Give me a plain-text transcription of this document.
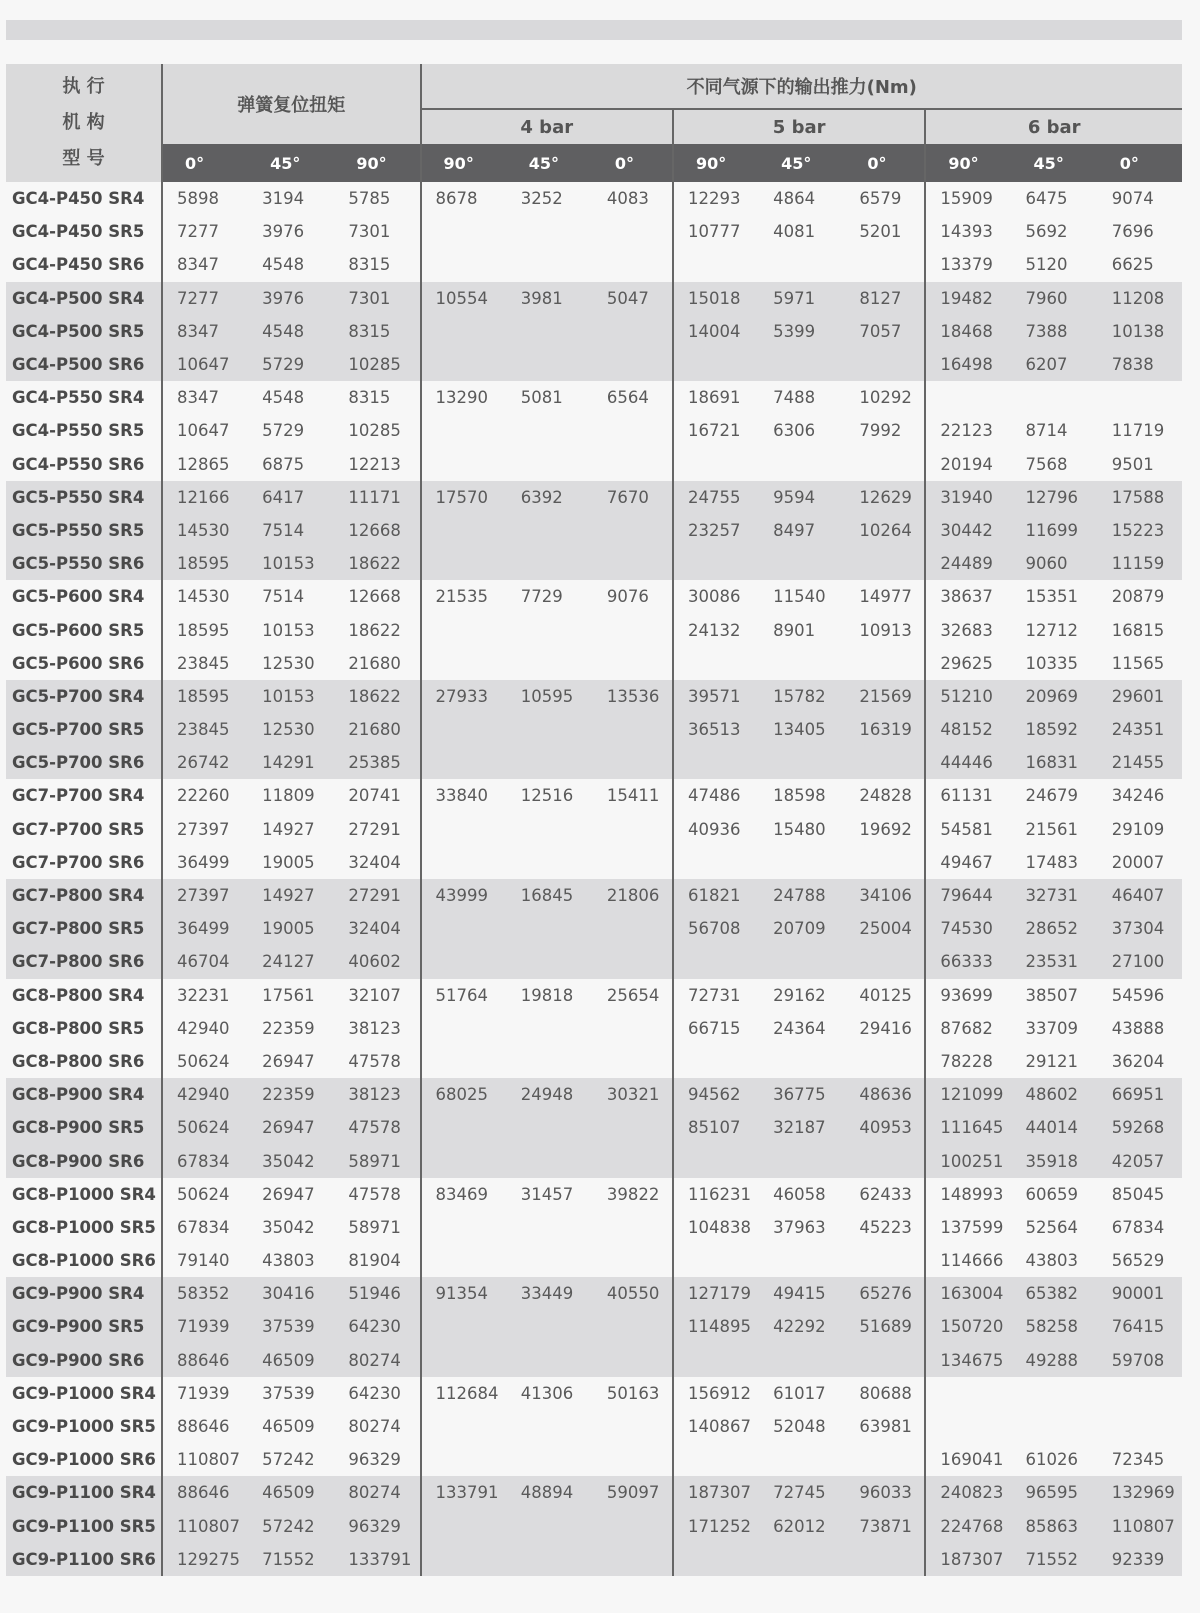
执 行
机 构
型 号	弹簧复位扭矩			不同气源下的输出推力(Nm)								
				4 bar			5 bar			6 bar		
	0°	45°	90°	90°	45°	0°	90°	45°	0°	90°	45°	0°
GC4-P450 SR4	5898	3194	5785	8678	3252	4083	12293	4864	6579	15909	6475	9074
GC4-P450 SR5	7277	3976	7301				10777	4081	5201	14393	5692	7696
GC4-P450 SR6	8347	4548	8315							13379	5120	6625
GC4-P500 SR4	7277	3976	7301	10554	3981	5047	15018	5971	8127	19482	7960	11208
GC4-P500 SR5	8347	4548	8315				14004	5399	7057	18468	7388	10138
GC4-P500 SR6	10647	5729	10285							16498	6207	7838
GC4-P550 SR4	8347	4548	8315	13290	5081	6564	18691	7488	10292			
GC4-P550 SR5	10647	5729	10285				16721	6306	7992	22123	8714	11719
GC4-P550 SR6	12865	6875	12213							20194	7568	9501
GC5-P550 SR4	12166	6417	11171	17570	6392	7670	24755	9594	12629	31940	12796	17588
GC5-P550 SR5	14530	7514	12668				23257	8497	10264	30442	11699	15223
GC5-P550 SR6	18595	10153	18622							24489	9060	11159
GC5-P600 SR4	14530	7514	12668	21535	7729	9076	30086	11540	14977	38637	15351	20879
GC5-P600 SR5	18595	10153	18622				24132	8901	10913	32683	12712	16815
GC5-P600 SR6	23845	12530	21680							29625	10335	11565
GC5-P700 SR4	18595	10153	18622	27933	10595	13536	39571	15782	21569	51210	20969	29601
GC5-P700 SR5	23845	12530	21680				36513	13405	16319	48152	18592	24351
GC5-P700 SR6	26742	14291	25385							44446	16831	21455
GC7-P700 SR4	22260	11809	20741	33840	12516	15411	47486	18598	24828	61131	24679	34246
GC7-P700 SR5	27397	14927	27291				40936	15480	19692	54581	21561	29109
GC7-P700 SR6	36499	19005	32404							49467	17483	20007
GC7-P800 SR4	27397	14927	27291	43999	16845	21806	61821	24788	34106	79644	32731	46407
GC7-P800 SR5	36499	19005	32404				56708	20709	25004	74530	28652	37304
GC7-P800 SR6	46704	24127	40602							66333	23531	27100
GC8-P800 SR4	32231	17561	32107	51764	19818	25654	72731	29162	40125	93699	38507	54596
GC8-P800 SR5	42940	22359	38123				66715	24364	29416	87682	33709	43888
GC8-P800 SR6	50624	26947	47578							78228	29121	36204
GC8-P900 SR4	42940	22359	38123	68025	24948	30321	94562	36775	48636	121099	48602	66951
GC8-P900 SR5	50624	26947	47578				85107	32187	40953	111645	44014	59268
GC8-P900 SR6	67834	35042	58971							100251	35918	42057
GC8-P1000 SR4	50624	26947	47578	83469	31457	39822	116231	46058	62433	148993	60659	85045
GC8-P1000 SR5	67834	35042	58971				104838	37963	45223	137599	52564	67834
GC8-P1000 SR6	79140	43803	81904							114666	43803	56529
GC9-P900 SR4	58352	30416	51946	91354	33449	40550	127179	49415	65276	163004	65382	90001
GC9-P900 SR5	71939	37539	64230				114895	42292	51689	150720	58258	76415
GC9-P900 SR6	88646	46509	80274							134675	49288	59708
GC9-P1000 SR4	71939	37539	64230	112684	41306	50163	156912	61017	80688			
GC9-P1000 SR5	88646	46509	80274				140867	52048	63981			
GC9-P1000 SR6	110807	57242	96329							169041	61026	72345
GC9-P1100 SR4	88646	46509	80274	133791	48894	59097	187307	72745	96033	240823	96595	132969
GC9-P1100 SR5	110807	57242	96329				171252	62012	73871	224768	85863	110807
GC9-P1100 SR6	129275	71552	133791							187307	71552	92339
